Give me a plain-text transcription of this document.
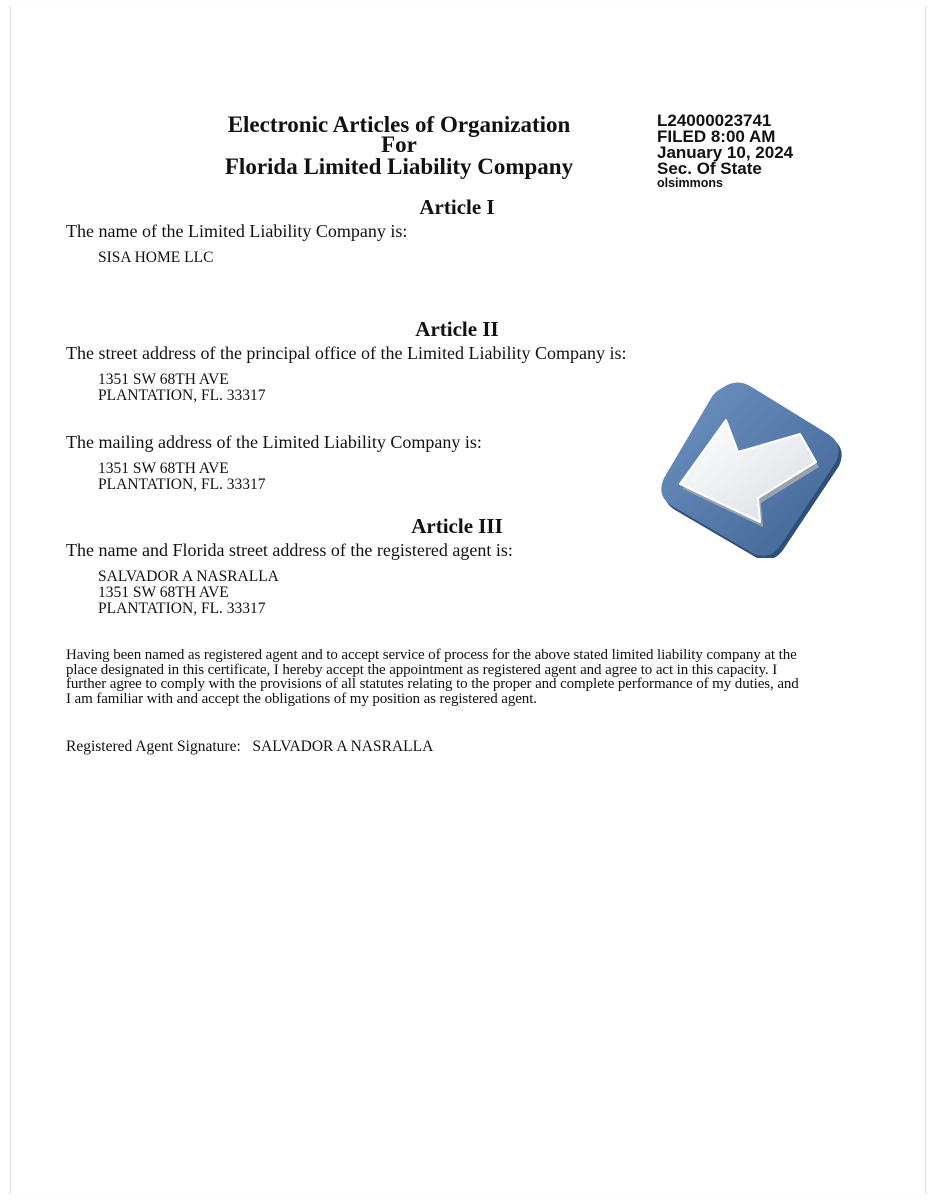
Electronic Articles of Organization
For
Florida Limited Liability Company
L24000023741
FILED 8:00 AM
January 10, 2024
Sec. Of State
olsimmons
Article I
The name of the Limited Liability Company is:
SISA HOME LLC
Article II
The street address of the principal office of the Limited Liability Company is:
1351 SW 68TH AVE
PLANTATION, FL. 33317
The mailing address of the Limited Liability Company is:
1351 SW 68TH AVE
PLANTATION, FL. 33317
Article III
The name and Florida street address of the registered agent is:
SALVADOR A NASRALLA
1351 SW 68TH AVE
PLANTATION, FL. 33317
Having been named as registered agent and to accept service of process for the above stated limited liability company at the place designated in this certificate, I hereby accept the appointment as registered agent and agree to act in this capacity. I further agree to comply with the provisions of all statutes relating to the proper and complete performance of my duties, and I am familiar with and accept the obligations of my position as registered agent.
Registered Agent Signature: SALVADOR A NASRALLA
